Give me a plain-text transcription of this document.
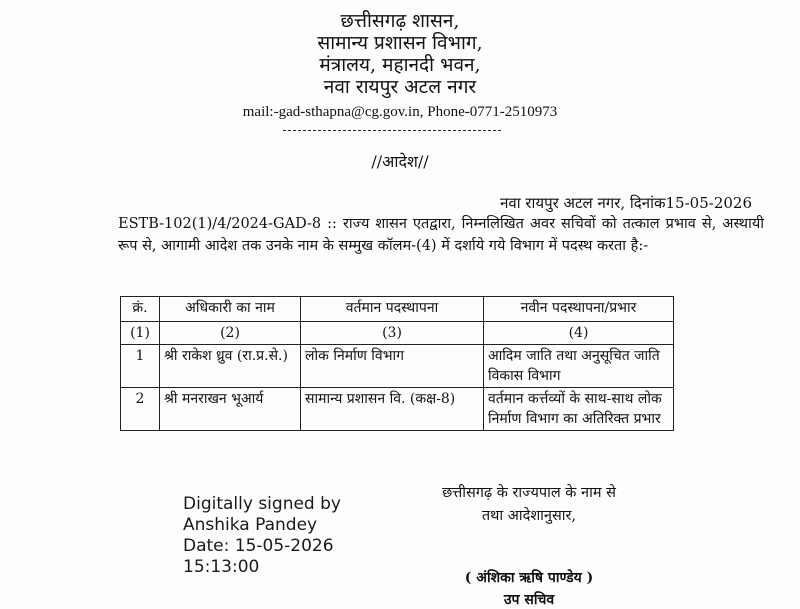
छत्तीसगढ़ शासन,
सामान्य प्रशासन विभाग,
मंत्रालय, महानदी भवन,
नवा रायपुर अटल नगर
mail:-gad-sthapna@cg.gov.in, Phone-0771-2510973
//आदेश//
नवा रायपुर अटल नगर, दिनांक15-05-2026
ESTB-102(1)/4/2024-GAD-8 :: राज्य शासन एतद्वारा, निम्नलिखित अवर सचिवों को तत्काल प्रभाव से, अस्थायी रूप से, आगामी आदेश तक उनके नाम के सम्मुख कॉलम-(4) में दर्शाये गये विभाग में पदस्थ करता है:-
क्रं.	अधिकारी का नाम	वर्तमान पदस्थापना	नवीन पदस्थापना/प्रभार
(1)	(2)	(3)	(4)
1	श्री राकेश ध्रुव (रा.प्र.से.)	लोक निर्माण विभाग	आदिम जाति तथा अनुसूचित जाति विकास विभाग
2	श्री मनराखन भूआर्य	सामान्य प्रशासन वि. (कक्ष-8)	वर्तमान कर्त्तव्यों के साथ-साथ लोक निर्माण विभाग का अतिरिक्त प्रभार
Digitally signed by
Anshika Pandey
Date: 15-05-2026
15:13:00
छत्तीसगढ़ के राज्यपाल के नाम से
तथा आदेशानुसार,
( अंशिका ऋषि पाण्डेय )
उप सचिव
